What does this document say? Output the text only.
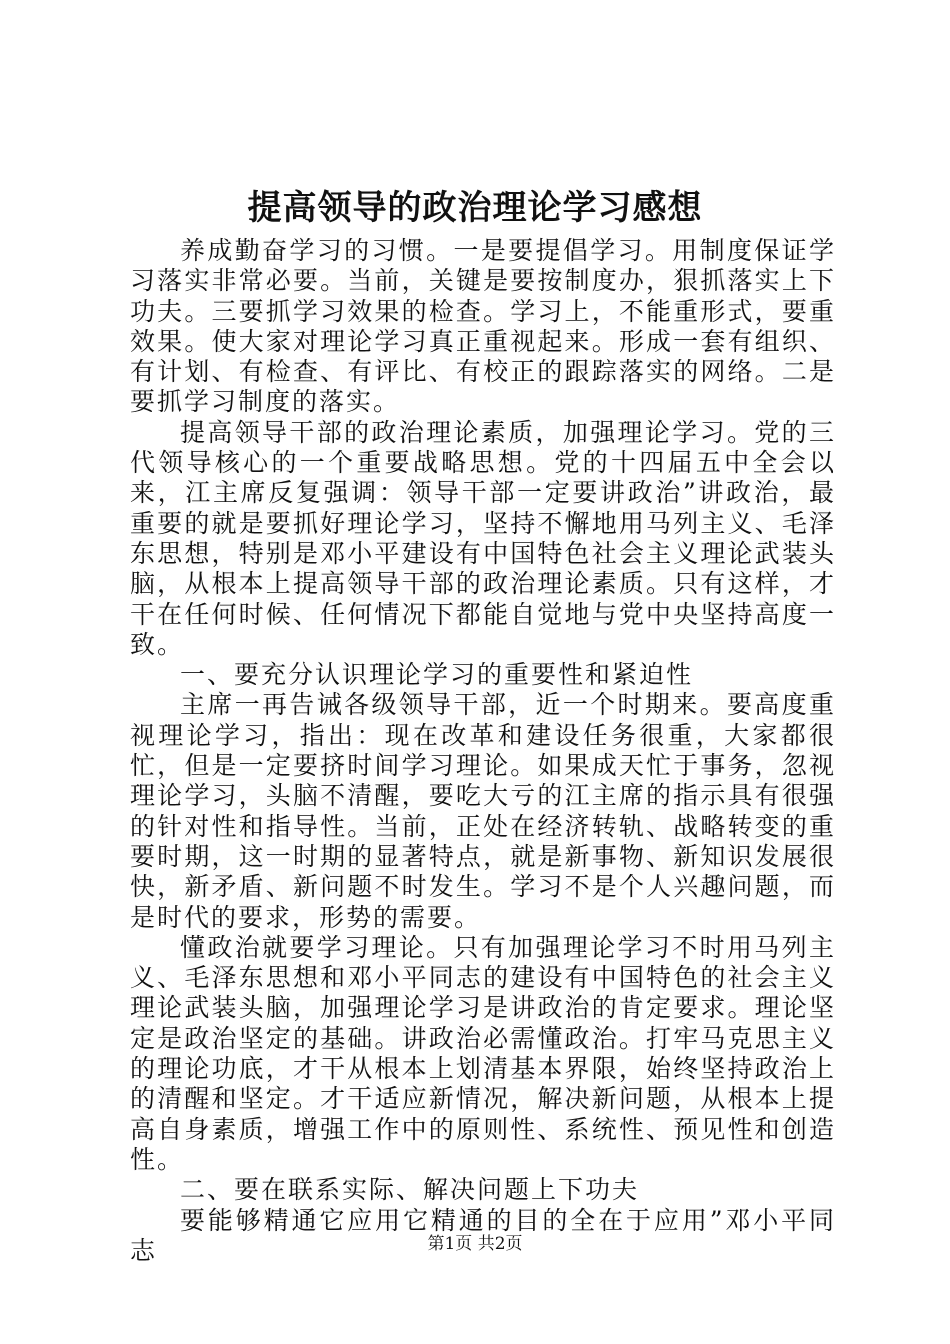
提高领导的政治理论学习感想

养成勤奋学习的习惯。一是要提倡学习。用制度保证学习落实非常必要。当前，关键是要按制度办，狠抓落实上下功夫。三要抓学习效果的检查。学习上，不能重形式，要重效果。使大家对理论学习真正重视起来。形成一套有组织、有计划、有检查、有评比、有校正的跟踪落实的网络。二是要抓学习制度的落实。

提高领导干部的政治理论素质，加强理论学习。党的三代领导核心的一个重要战略思想。党的十四届五中全会以来，江主席反复强调：领导干部一定要讲政治”讲政治，最重要的就是要抓好理论学习，坚持不懈地用马列主义、毛泽东思想，特别是邓小平建设有中国特色社会主义理论武装头脑，从根本上提高领导干部的政治理论素质。只有这样，才干在任何时候、任何情况下都能自觉地与党中央坚持高度一致。

一、要充分认识理论学习的重要性和紧迫性

主席一再告诫各级领导干部，近一个时期来。要高度重视理论学习，指出：现在改革和建设任务很重，大家都很忙，但是一定要挤时间学习理论。如果成天忙于事务，忽视理论学习，头脑不清醒，要吃大亏的江主席的指示具有很强的针对性和指导性。当前，正处在经济转轨、战略转变的重要时期，这一时期的显著特点，就是新事物、新知识发展很快，新矛盾、新问题不时发生。学习不是个人兴趣问题，而是时代的要求，形势的需要。

懂政治就要学习理论。只有加强理论学习不时用马列主义、毛泽东思想和邓小平同志的建设有中国特色的社会主义理论武装头脑，加强理论学习是讲政治的肯定要求。理论坚定是政治坚定的基础。讲政治必需懂政治。打牢马克思主义的理论功底，才干从根本上划清基本界限，始终坚持政治上的清醒和坚定。才干适应新情况，解决新问题，从根本上提高自身素质，增强工作中的原则性、系统性、预见性和创造性。

二、要在联系实际、解决问题上下功夫

要能够精通它应用它精通的目的全在于应用”邓小平同志	第1页 共2页
